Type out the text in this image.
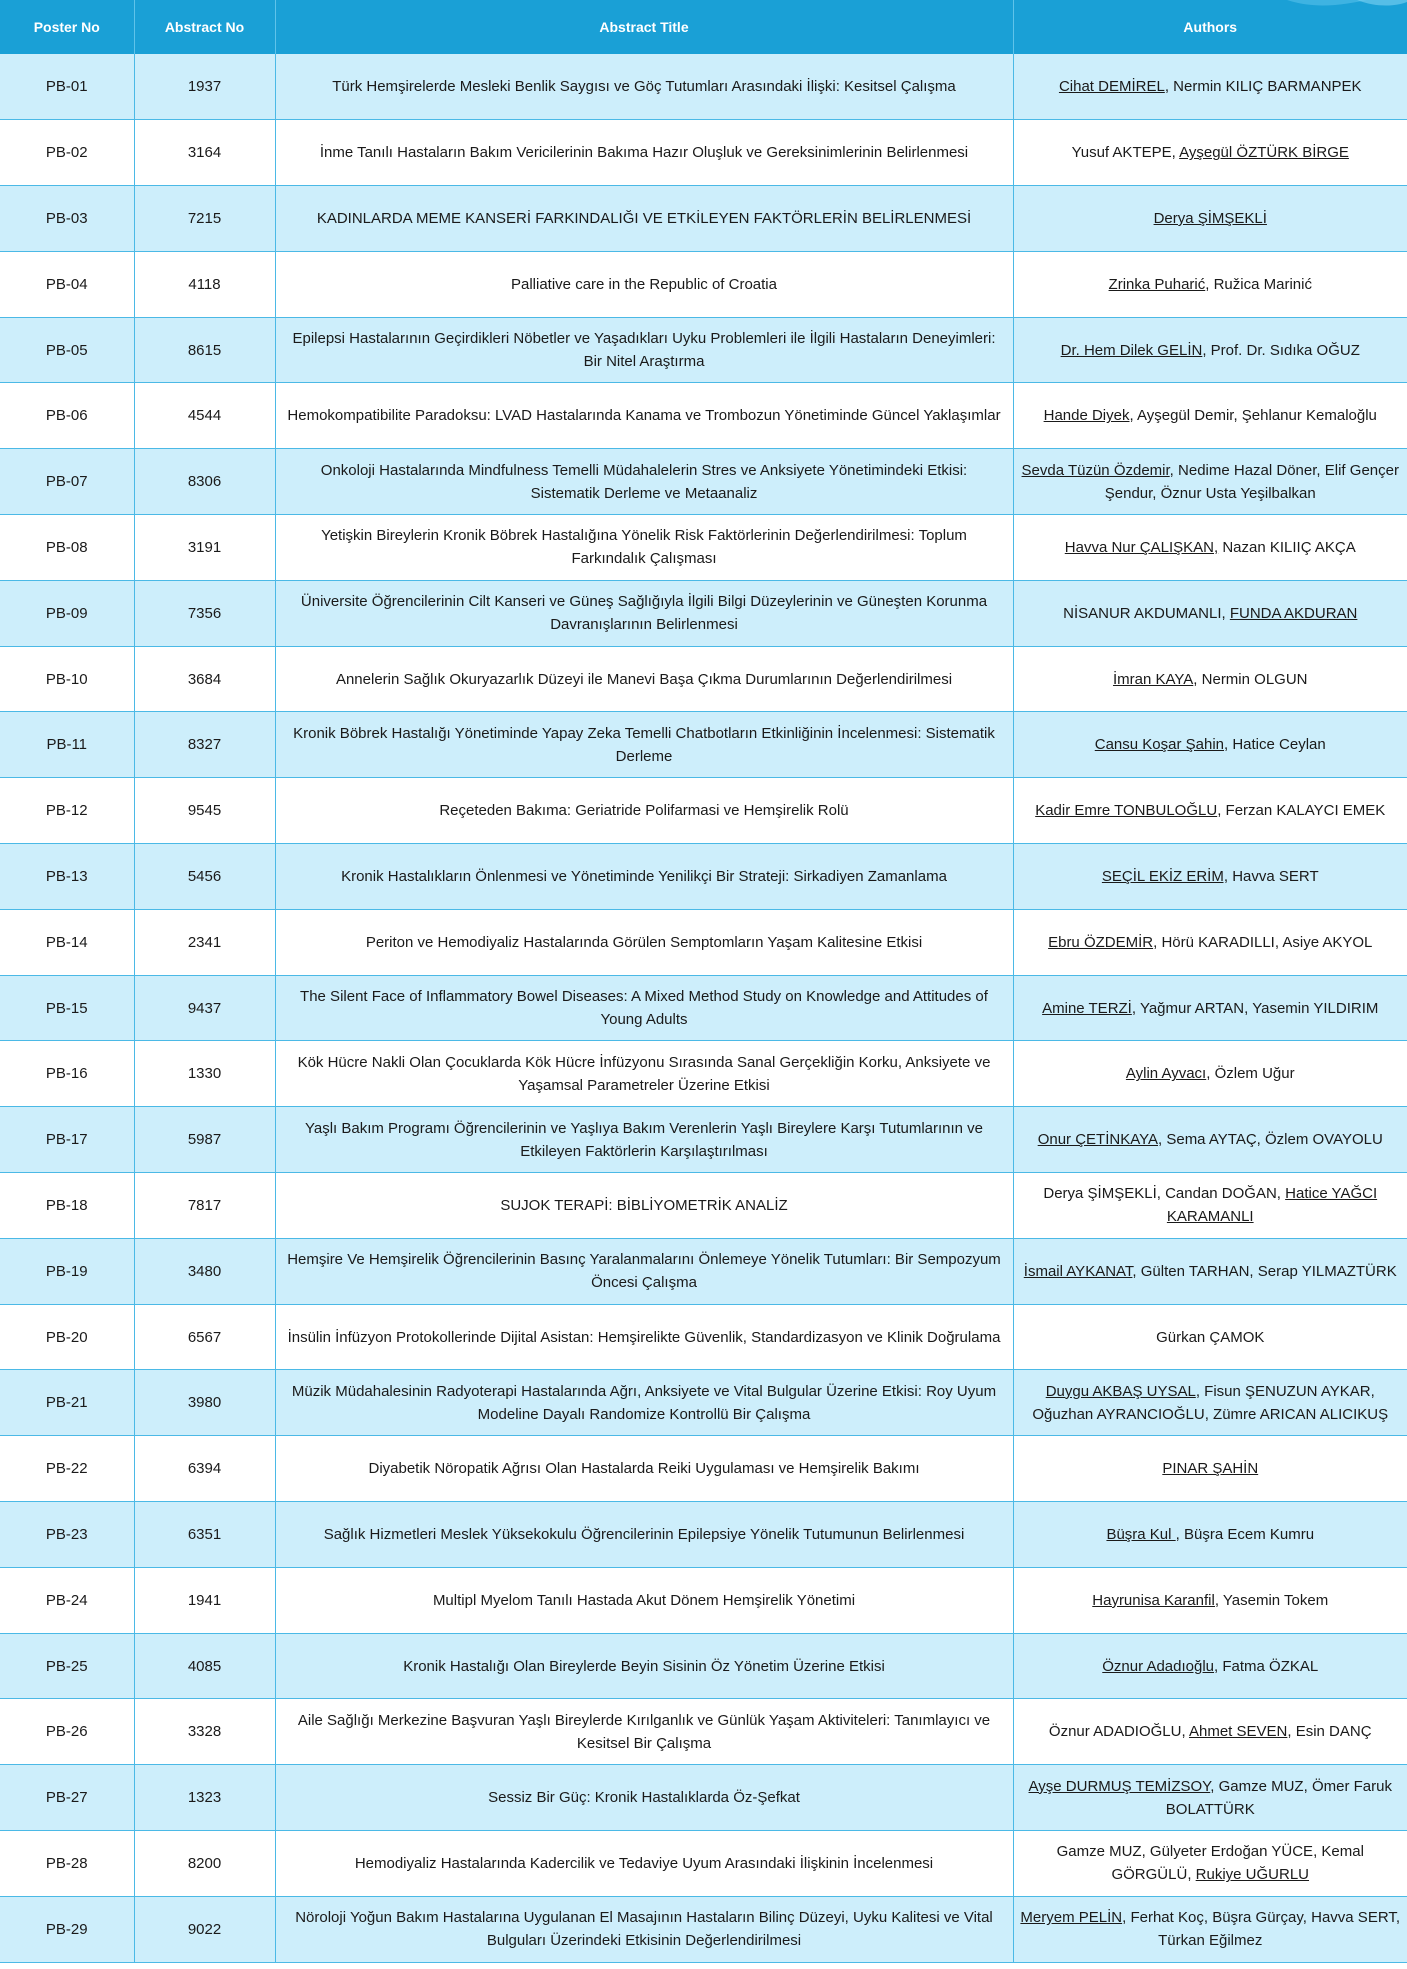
Poster No	Abstract No	Abstract Title	Authors
PB-01	1937	Türk Hemşirelerde Mesleki Benlik Saygısı ve Göç Tutumları Arasındaki İlişki: Kesitsel Çalışma	Cihat DEMİREL, Nermin KILIÇ BARMANPEK
PB-02	3164	İnme Tanılı Hastaların Bakım Vericilerinin Bakıma Hazır Oluşluk ve Gereksinimlerinin Belirlenmesi	Yusuf AKTEPE, Ayşegül ÖZTÜRK BİRGE
PB-03	7215	KADINLARDA MEME KANSERİ FARKINDALIĞI VE ETKİLEYEN FAKTÖRLERİN BELİRLENMESİ	Derya ŞİMŞEKLİ
PB-04	4118	Palliative care in the Republic of Croatia	Zrinka Puharić, Ružica Marinić
PB-05	8615	Epilepsi Hastalarının Geçirdikleri Nöbetler ve Yaşadıkları Uyku Problemleri ile İlgili Hastaların Deneyimleri: Bir Nitel Araştırma	Dr. Hem Dilek GELİN, Prof. Dr. Sıdıka OĞUZ
PB-06	4544	Hemokompatibilite Paradoksu: LVAD Hastalarında Kanama ve Trombozun Yönetiminde Güncel Yaklaşımlar	Hande Diyek, Ayşegül Demir, Şehlanur Kemaloğlu
PB-07	8306	Onkoloji Hastalarında Mindfulness Temelli Müdahalelerin Stres ve Anksiyete Yönetimindeki Etkisi: Sistematik Derleme ve Metaanaliz	Sevda Tüzün Özdemir, Nedime Hazal Döner, Elif Gençer Şendur, Öznur Usta Yeşilbalkan
PB-08	3191	Yetişkin Bireylerin Kronik Böbrek Hastalığına Yönelik Risk Faktörlerinin Değerlendirilmesi: Toplum Farkındalık Çalışması	Havva Nur ÇALIŞKAN, Nazan KILIIÇ AKÇA
PB-09	7356	Üniversite Öğrencilerinin Cilt Kanseri ve Güneş Sağlığıyla İlgili Bilgi Düzeylerinin ve Güneşten Korunma Davranışlarının Belirlenmesi	NİSANUR AKDUMANLI, FUNDA AKDURAN
PB-10	3684	Annelerin Sağlık Okuryazarlık Düzeyi ile Manevi Başa Çıkma Durumlarının Değerlendirilmesi	İmran KAYA, Nermin OLGUN
PB-11	8327	Kronik Böbrek Hastalığı Yönetiminde Yapay Zeka Temelli Chatbotların Etkinliğinin İncelenmesi: Sistematik Derleme	Cansu Koşar Şahin, Hatice Ceylan
PB-12	9545	Reçeteden Bakıma: Geriatride Polifarmasi ve Hemşirelik Rolü	Kadir Emre TONBULOĞLU, Ferzan KALAYCI EMEK
PB-13	5456	Kronik Hastalıkların Önlenmesi ve Yönetiminde Yenilikçi Bir Strateji: Sirkadiyen Zamanlama	SEÇİL EKİZ ERİM, Havva SERT
PB-14	2341	Periton ve Hemodiyaliz Hastalarında Görülen Semptomların Yaşam Kalitesine Etkisi	Ebru ÖZDEMİR, Hörü KARADILLI, Asiye AKYOL
PB-15	9437	The Silent Face of Inflammatory Bowel Diseases: A Mixed Method Study on Knowledge and Attitudes of Young Adults	Amine TERZİ, Yağmur ARTAN, Yasemin YILDIRIM
PB-16	1330	Kök Hücre Nakli Olan Çocuklarda Kök Hücre İnfüzyonu Sırasında Sanal Gerçekliğin Korku, Anksiyete ve Yaşamsal Parametreler Üzerine Etkisi	Aylin Ayvacı, Özlem Uğur
PB-17	5987	Yaşlı Bakım Programı Öğrencilerinin ve Yaşlıya Bakım Verenlerin Yaşlı Bireylere Karşı Tutumlarının ve Etkileyen Faktörlerin Karşılaştırılması	Onur ÇETİNKAYA, Sema AYTAÇ, Özlem OVAYOLU
PB-18	7817	SUJOK TERAPİ: BİBLİYOMETRİK ANALİZ	Derya ŞİMŞEKLİ, Candan DOĞAN, Hatice YAĞCI KARAMANLI
PB-19	3480	Hemşire Ve Hemşirelik Öğrencilerinin Basınç Yaralanmalarını Önlemeye Yönelik Tutumları: Bir Sempozyum Öncesi Çalışma	İsmail AYKANAT, Gülten TARHAN, Serap YILMAZTÜRK
PB-20	6567	İnsülin İnfüzyon Protokollerinde Dijital Asistan: Hemşirelikte Güvenlik, Standardizasyon ve Klinik Doğrulama	Gürkan ÇAMOK
PB-21	3980	Müzik Müdahalesinin Radyoterapi Hastalarında Ağrı, Anksiyete ve Vital Bulgular Üzerine Etkisi: Roy Uyum Modeline Dayalı Randomize Kontrollü Bir Çalışma	Duygu AKBAŞ UYSAL, Fisun ŞENUZUN AYKAR, Oğuzhan AYRANCIOĞLU, Zümre ARICAN ALICIKUŞ
PB-22	6394	Diyabetik Nöropatik Ağrısı Olan Hastalarda Reiki Uygulaması ve Hemşirelik Bakımı	PINAR ŞAHİN
PB-23	6351	Sağlık Hizmetleri Meslek Yüksekokulu Öğrencilerinin Epilepsiye Yönelik Tutumunun Belirlenmesi	Büşra Kul , Büşra Ecem Kumru
PB-24	1941	Multipl Myelom Tanılı Hastada Akut Dönem Hemşirelik Yönetimi	Hayrunisa Karanfil, Yasemin Tokem
PB-25	4085	Kronik Hastalığı Olan Bireylerde Beyin Sisinin Öz Yönetim Üzerine Etkisi	Öznur Adadıoğlu, Fatma ÖZKAL
PB-26	3328	Aile Sağlığı Merkezine Başvuran Yaşlı Bireylerde Kırılganlık ve Günlük Yaşam Aktiviteleri: Tanımlayıcı ve Kesitsel Bir Çalışma	Öznur ADADIOĞLU, Ahmet SEVEN, Esin DANÇ
PB-27	1323	Sessiz Bir Güç: Kronik Hastalıklarda Öz-Şefkat	Ayşe DURMUŞ TEMİZSOY, Gamze MUZ, Ömer Faruk BOLATTÜRK
PB-28	8200	Hemodiyaliz Hastalarında Kadercilik ve Tedaviye Uyum Arasındaki İlişkinin İncelenmesi	Gamze MUZ, Gülyeter Erdoğan YÜCE, Kemal GÖRGÜLÜ, Rukiye UĞURLU
PB-29	9022	Nöroloji Yoğun Bakım Hastalarına Uygulanan El Masajının Hastaların Bilinç Düzeyi, Uyku Kalitesi ve Vital Bulguları Üzerindeki Etkisinin Değerlendirilmesi	Meryem PELİN, Ferhat Koç, Büşra Gürçay, Havva SERT, Türkan Eğilmez
